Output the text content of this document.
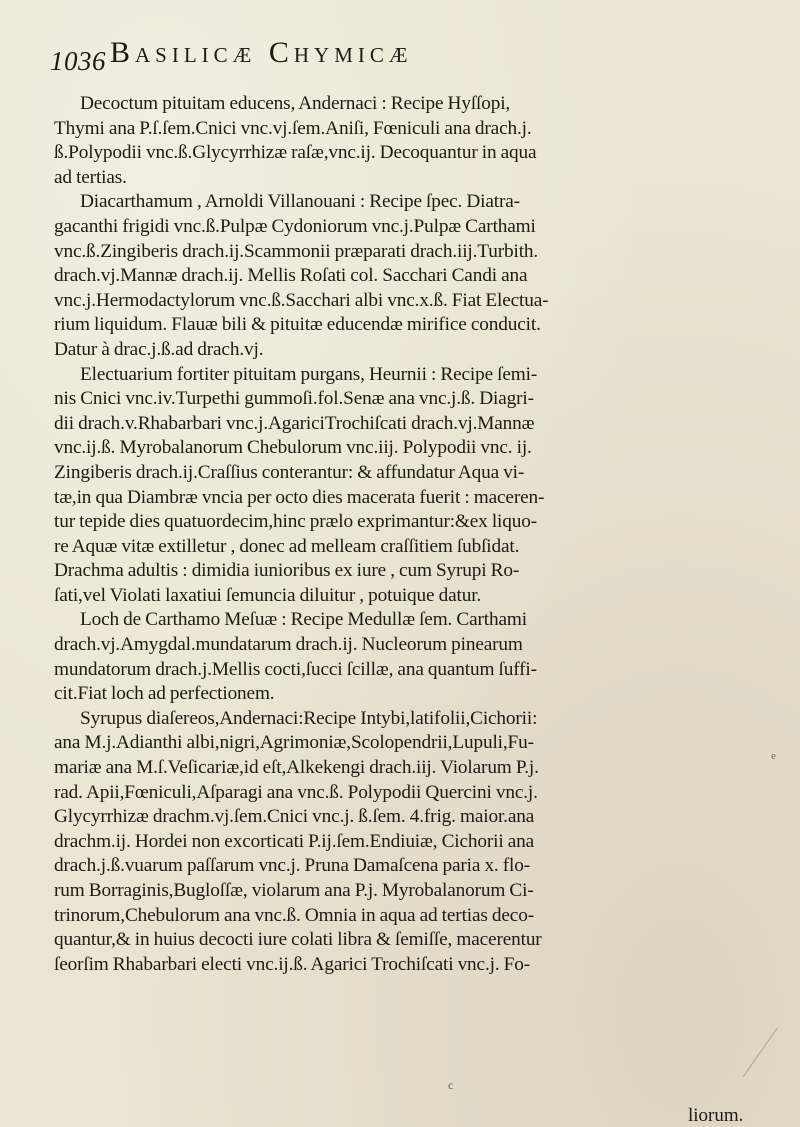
1036 Basilicæ Chymicæ
Decoctum pituitam educens, Andernaci : Recipe Hyſſopi,
Thymi ana P.ſ.ſem.Cnici vnc.vj.ſem.Aniſi, Fœniculi ana drach.j.
ß.Polypodii vnc.ß.Glycyrrhizæ raſæ,vnc.ij. Decoquantur in aqua
ad tertias.
Diacarthamum , Arnoldi Villanouani : Recipe ſpec. Diatra-
gacanthi frigidi vnc.ß.Pulpæ Cydoniorum vnc.j.Pulpæ Carthami
vnc.ß.Zingiberis drach.ij.Scammonii præparati drach.iij.Turbith.
drach.vj.Mannæ drach.ij. Mellis Roſati col. Sacchari Candi ana
vnc.j.Hermodactylorum vnc.ß.Sacchari albi vnc.x.ß. Fiat Electua-
rium liquidum. Flauæ bili & pituitæ educendæ mirifice conducit.
Datur à drac.j.ß.ad drach.vj.
Electuarium fortiter pituitam purgans, Heurnii : Recipe ſemi-
nis Cnici vnc.iv.Turpethi gummoſi.fol.Senæ ana vnc.j.ß. Diagri-
dii drach.v.Rhabarbari vnc.j.AgariciTrochiſcati drach.vj.Mannæ
vnc.ij.ß. Myrobalanorum Chebulorum vnc.iij. Polypodii vnc. ij.
Zingiberis drach.ij.Craſſius conterantur: & affundatur Aqua vi-
tæ,in qua Diambræ vncia per octo dies macerata fuerit : maceren-
tur tepide dies quatuordecim,hinc prælo exprimantur:&ex liquo-
re Aquæ vitæ extilletur , donec ad melleam craſſitiem ſubſidat.
Drachma adultis : dimidia iunioribus ex iure , cum Syrupi Ro-
ſati,vel Violati laxatiui ſemuncia diluitur , potuique datur.
Loch de Carthamo Meſuæ : Recipe Medullæ ſem. Carthami
drach.vj.Amygdal.mundatarum drach.ij. Nucleorum pinearum
mundatorum drach.j.Mellis cocti,ſucci ſcillæ, ana quantum ſuffi-
cit.Fiat loch ad perfectionem.
Syrupus diaſereos,Andernaci:Recipe Intybi,latifolii,Cichorii:
ana M.j.Adianthi albi,nigri,Agrimoniæ,Scolopendrii,Lupuli,Fu-
mariæ ana M.ſ.Veſicariæ,id eſt,Alkekengi drach.iij. Violarum P.j.
rad. Apii,Fœniculi,Aſparagi ana vnc.ß. Polypodii Quercini vnc.j.
Glycyrrhizæ drachm.vj.ſem.Cnici vnc.j. ß.ſem. 4.frig. maior.ana
drachm.ij. Hordei non excorticati P.ij.ſem.Endiuiæ, Cichorii ana
drach.j.ß.vuarum paſſarum vnc.j. Pruna Damaſcena paria x. flo-
rum Borraginis,Bugloſſæ, violarum ana P.j. Myrobalanorum Ci-
trinorum,Chebulorum ana vnc.ß. Omnia in aqua ad tertias deco-
quantur,& in huius decocti iure colati libra & ſemiſſe, macerentur
ſeorſim Rhabarbari electi vnc.ij.ß. Agarici Trochiſcati vnc.j. Fo-
e
c
liorum.
